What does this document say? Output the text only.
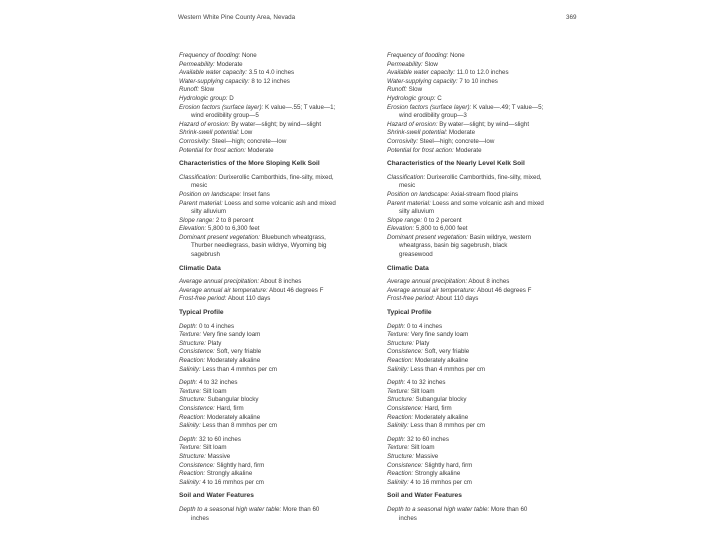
Western White Pine County Area, Nevada	369
Frequency of flooding: None
Permeability: Moderate
Available water capacity: 3.5 to 4.0 inches
Water-supplying capacity: 8 to 12 inches
Runoff: Slow
Hydrologic group: D
Erosion factors (surface layer): K value—.55; T value—1;
wind erodibility group—5
Hazard of erosion: By water—slight; by wind—slight
Shrink-swell potential: Low
Corrosivity: Steel—high; concrete—low
Potential for frost action: Moderate
Characteristics of the More Sloping Kelk Soil
Classification: Durixerollic Camborthids, fine-silty, mixed,
mesic
Position on landscape: Inset fans
Parent material: Loess and some volcanic ash and mixed
silty alluvium
Slope range: 2 to 8 percent
Elevation: 5,800 to 6,300 feet
Dominant present vegetation: Bluebunch wheatgrass,
Thurber needlegrass, basin wildrye, Wyoming big
sagebrush
Climatic Data
Average annual precipitation: About 8 inches
Average annual air temperature: About 46 degrees F
Frost-free period: About 110 days
Typical Profile
Depth: 0 to 4 inches
Texture: Very fine sandy loam
Structure: Platy
Consistence: Soft, very friable
Reaction: Moderately alkaline
Salinity: Less than 4 mmhos per cm
Depth: 4 to 32 inches
Texture: Silt loam
Structure: Subangular blocky
Consistence: Hard, firm
Reaction: Moderately alkaline
Salinity: Less than 8 mmhos per cm
Depth: 32 to 60 inches
Texture: Silt loam
Structure: Massive
Consistence: Slightly hard, firm
Reaction: Strongly alkaline
Salinity: 4 to 16 mmhos per cm
Soil and Water Features
Depth to a seasonal high water table: More than 60
inches
Frequency of flooding: None
Permeability: Slow
Available water capacity: 11.0 to 12.0 inches
Water-supplying capacity: 7 to 10 inches
Runoff: Slow
Hydrologic group: C
Erosion factors (surface layer): K value—.49; T value—5;
wind erodibility group—3
Hazard of erosion: By water—slight; by wind—slight
Shrink-swell potential: Moderate
Corrosivity: Steel—high; concrete—low
Potential for frost action: Moderate
Characteristics of the Nearly Level Kelk Soil
Classification: Durixerollic Camborthids, fine-silty, mixed,
mesic
Position on landscape: Axial-stream flood plains
Parent material: Loess and some volcanic ash and mixed
silty alluvium
Slope range: 0 to 2 percent
Elevation: 5,800 to 6,000 feet
Dominant present vegetation: Basin wildrye, western
wheatgrass, basin big sagebrush, black
greasewood
Climatic Data
Average annual precipitation: About 8 inches
Average annual air temperature: About 46 degrees F
Frost-free period: About 110 days
Typical Profile
Depth: 0 to 4 inches
Texture: Very fine sandy loam
Structure: Platy
Consistence: Soft, very friable
Reaction: Moderately alkaline
Salinity: Less than 4 mmhos per cm
Depth: 4 to 32 inches
Texture: Silt loam
Structure: Subangular blocky
Consistence: Hard, firm
Reaction: Moderately alkaline
Salinity: Less than 8 mmhos per cm
Depth: 32 to 60 inches
Texture: Silt loam
Structure: Massive
Consistence: Slightly hard, firm
Reaction: Strongly alkaline
Salinity: 4 to 16 mmhos per cm
Soil and Water Features
Depth to a seasonal high water table: More than 60
inches
